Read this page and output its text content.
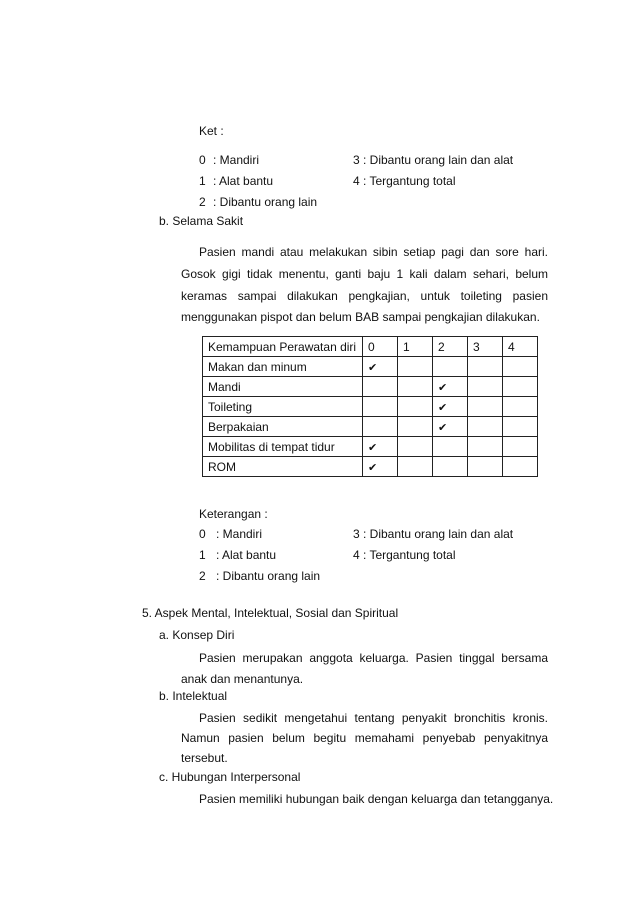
Ket :
0 : Mandiri
1 : Alat bantu
2 : Dibantu orang lain
3 : Dibantu orang lain dan alat
4 : Tergantung total
b. Selama Sakit
Pasien mandi atau melakukan sibin setiap pagi dan sore hari.
Gosok gigi tidak menentu, ganti baju 1 kali dalam sehari, belum
keramas sampai dilakukan pengkajian, untuk toileting pasien
menggunakan pispot dan belum BAB sampai pengkajian dilakukan.
Kemampuan Perawatan diri	0	1	2	3	4
Makan dan minum	✔				
Mandi			✔		
Toileting			✔		
Berpakaian			✔		
Mobilitas di tempat tidur	✔				
ROM	✔				
Keterangan :
0 : Mandiri
1 : Alat bantu
2 : Dibantu orang lain
3 : Dibantu orang lain dan alat
4 : Tergantung total
5. Aspek Mental, Intelektual, Sosial dan Spiritual
a. Konsep Diri
Pasien merupakan anggota keluarga. Pasien tinggal bersama
anak dan menantunya.
b. Intelektual
Pasien sedikit mengetahui tentang penyakit bronchitis kronis.
Namun pasien belum begitu memahami penyebab penyakitnya
tersebut.
c. Hubungan Interpersonal
Pasien memiliki hubungan baik dengan keluarga dan tetangganya.
